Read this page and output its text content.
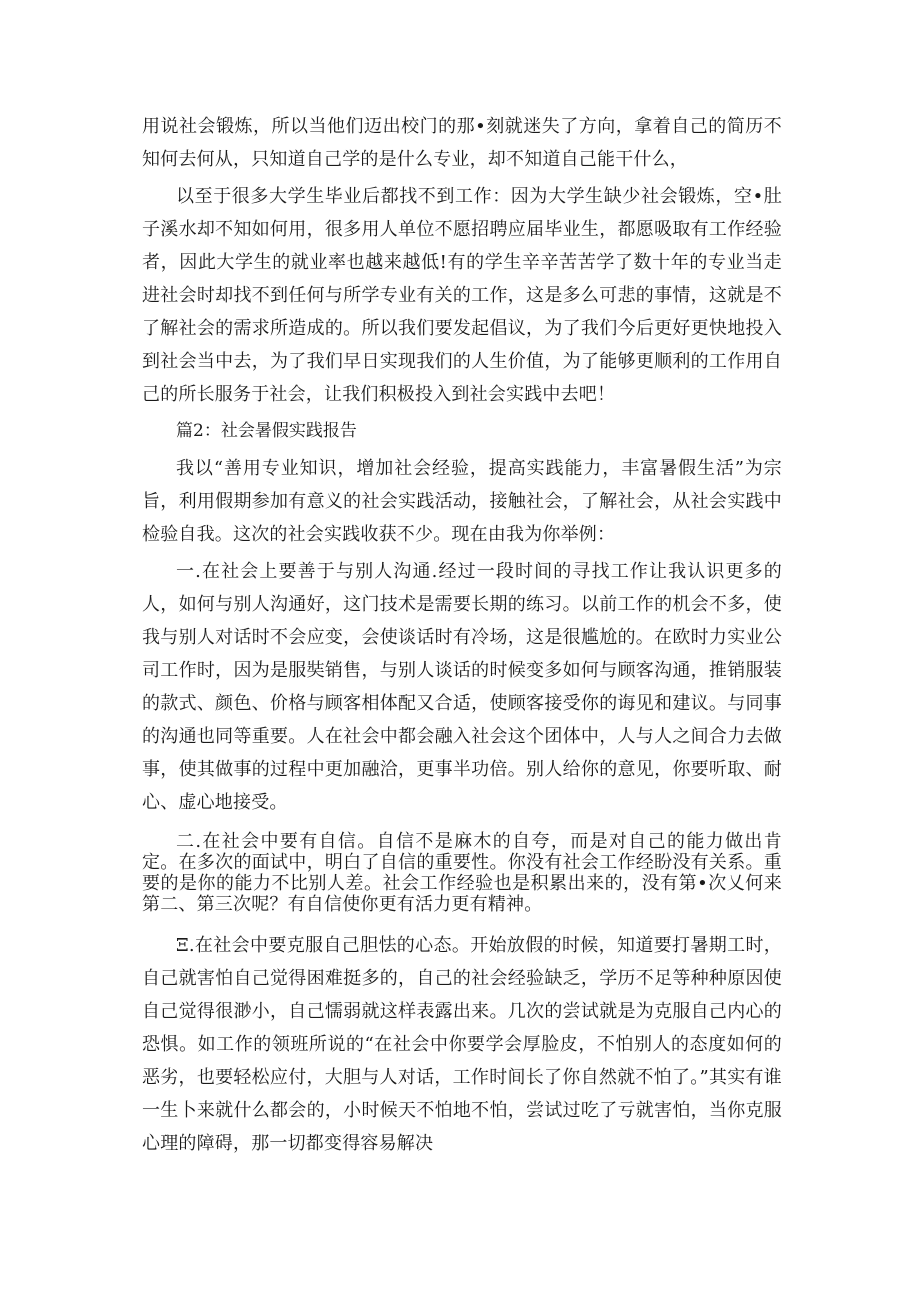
用说社会锻炼，所以当他们迈出校门的那•刻就迷失了方向，拿着自己的简历不知何去何从，只知道自己学的是什么专业，却不知道自己能干什么，

以至于很多大学生毕业后都找不到工作：因为大学生缺少社会锻炼，空•肚子溪水却不知如何用，很多用人单位不愿招聘应届毕业生，都愿吸取有工作经验者，因此大学生的就业率也越来越低!有的学生辛辛苦苦学了数十年的专业当走进社会时却找不到任何与所学专业有关的工作，这是多么可悲的事情，这就是不了解社会的需求所造成的。所以我们要发起倡议，为了我们今后更好更快地投入到社会当中去，为了我们早日实现我们的人生价值，为了能够更顺利的工作用自己的所长服务于社会，让我们积极投入到社会实践中去吧！

篇2：社会暑假实践报告

我以“善用专业知识，增加社会经验，提高实践能力，丰富暑假生活”为宗旨，利用假期参加有意义的社会实践活动，接触社会，了解社会，从社会实践中检验自我。这次的社会实践收获不少。现在由我为你举例：

一.在社会上要善于与别人沟通.经过一段时间的寻找工作让我认识更多的人，如何与别人沟通好，这门技术是需要长期的练习。以前工作的机会不多，使我与别人对话时不会应变，会使谈话时有冷场，这是很尴尬的。在欧时力实业公司工作时，因为是服奘销售，与别人谈话的时候变多如何与顾客沟通，推销服装的款式、颜色、价格与顾客相体配又合适，使顾客接受你的诲见和建议。与同事的沟通也同等重要。人在社会中都会融入社会这个团体中，人与人之间合力去做事，使其做事的过程中更加融洽，更事半功倍。别人给你的意见，你要听取、耐心、虚心地接受。

二.在社会中要有自信。自信不是麻木的自夸，而是对自己的能力做出肯定。在多次的面试中，明白了自信的重要性。你没有社会工作经盼没有关系。重要的是你的能力不比别人差。社会工作经验也是积累出来的，没有第•次乂何来第二、第三次呢？有自信使你更有活力更有精神。

Ξ.在社会中要克服自己胆怯的心态。开始放假的时候，知道要打暑期工时，自己就害怕自己觉得困难挺多的，自己的社会经验缺乏，学历不足等种种原因使自己觉得很渺小，自己懦弱就这样表露出来。几次的尝试就是为克服自己内心的恐惧。如工作的领班所说的“在社会中你要学会厚脸皮，不怕别人的态度如何的恶劣，也要轻松应付，大胆与人对话，工作时间长了你自然就不怕了。”其实有谁一生卜来就什么都会的，小时候天不怕地不怕，尝试过吃了亏就害怕，当你克服心理的障碍，那一切都变得容易解决
